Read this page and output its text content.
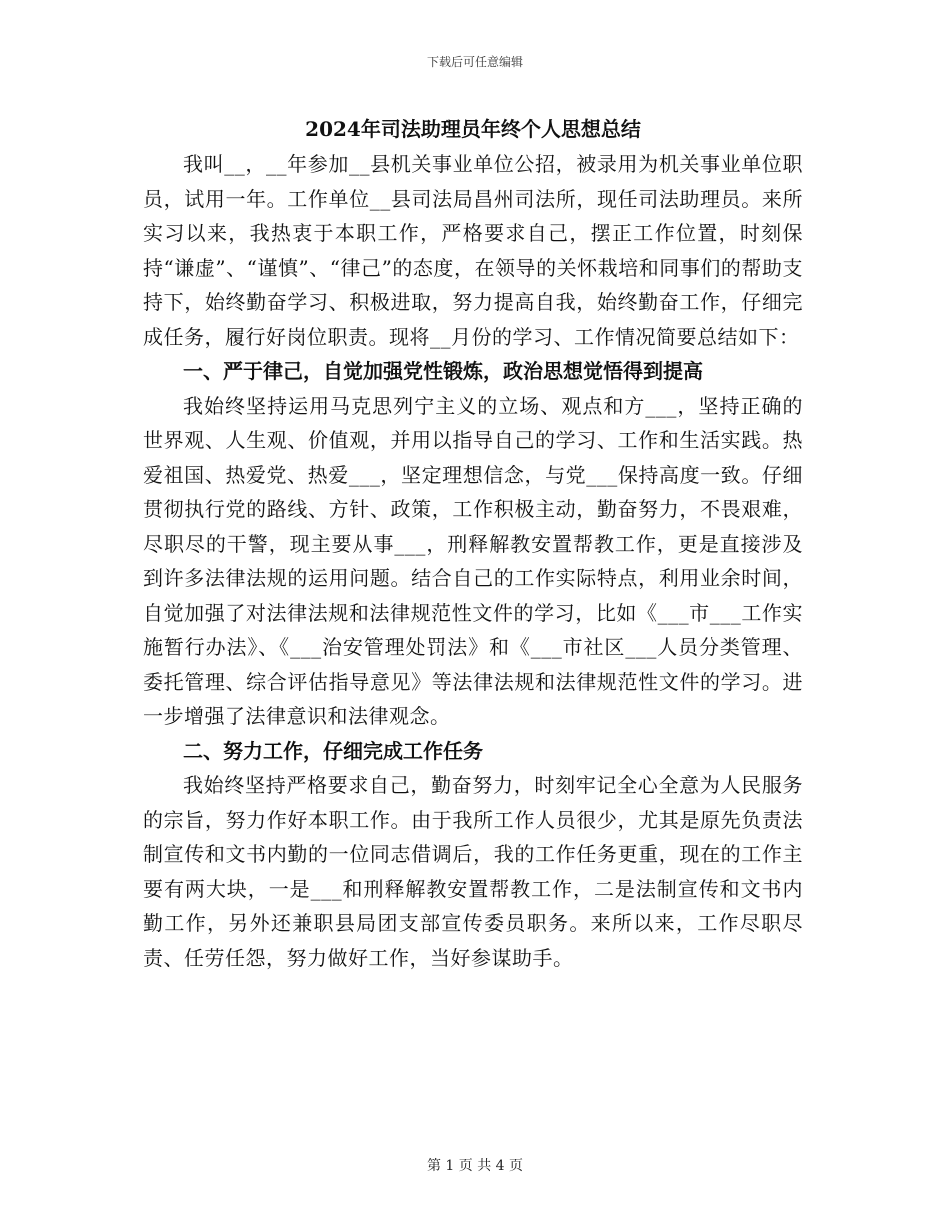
下载后可任意编辑
2024年司法助理员年终个人思想总结

我叫__，__年参加__县机关事业单位公招，被录用为机关事业单位职员，试用一年。工作单位__县司法局昌州司法所，现任司法助理员。来所实习以来，我热衷于本职工作，严格要求自己，摆正工作位置，时刻保持“谦虚”、“谨慎”、“律己”的态度，在领导的关怀栽培和同事们的帮助支持下，始终勤奋学习、积极进取，努力提高自我，始终勤奋工作，仔细完成任务，履行好岗位职责。现将__月份的学习、工作情况简要总结如下：

一、严于律己，自觉加强党性锻炼，政治思想觉悟得到提高

我始终坚持运用马克思列宁主义的立场、观点和方___，坚持正确的世界观、人生观、价值观，并用以指导自己的学习、工作和生活实践。热爱祖国、热爱党、热爱___，坚定理想信念，与党___保持高度一致。仔细贯彻执行党的路线、方针、政策，工作积极主动，勤奋努力，不畏艰难，尽职尽的干警，现主要从事___，刑释解教安置帮教工作，更是直接涉及到许多法律法规的运用问题。结合自己的工作实际特点，利用业余时间，自觉加强了对法律法规和法律规范性文件的学习，比如《___市___工作实施暂行办法》、《___治安管理处罚法》和《___市社区___人员分类管理、委托管理、综合评估指导意见》等法律法规和法律规范性文件的学习。进一步增强了法律意识和法律观念。

二、努力工作，仔细完成工作任务

我始终坚持严格要求自己，勤奋努力，时刻牢记全心全意为人民服务的宗旨，努力作好本职工作。由于我所工作人员很少，尤其是原先负责法制宣传和文书内勤的一位同志借调后，我的工作任务更重，现在的工作主要有两大块，一是___和刑释解教安置帮教工作，二是法制宣传和文书内勤工作，另外还兼职县局团支部宣传委员职务。来所以来，工作尽职尽责、任劳任怨，努力做好工作，当好参谋助手。

第 1 页 共 4 页
